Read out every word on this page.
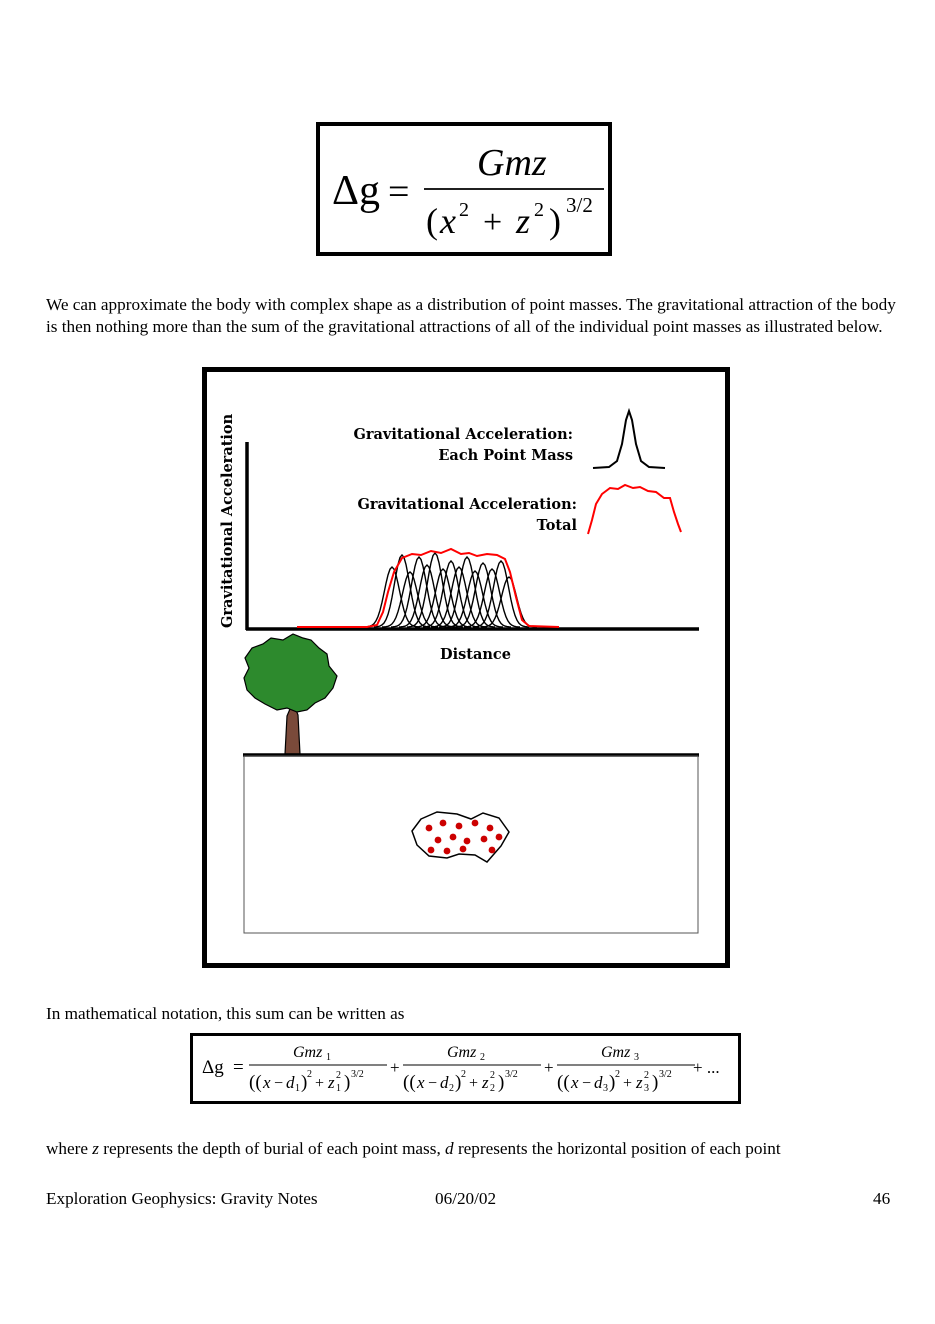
Δg =
Gmz
( x 2 + z 2 ) 3/2
We can approximate the body with complex shape as a distribution of point masses. The gravitational attraction of the body is then nothing more than the sum of the gravitational attractions of all of the individual point masses as illustrated below.
Gravitational Acceleration
Distance
Gravitational Acceleration:
Each Point Mass
Gravitational Acceleration:
Total
In mathematical notation, this sum can be written as
Δg =
Gmz 1
(( x − d 1 ) 2
+ z 2
1 ) 3/2 +
Gmz 2
(( x − d 2 ) 2
+ z 2
2 ) 3/2 +
Gmz 3
(( x − d 3 ) 2
+ z 2
3 ) 3/2 + ...
where z represents the depth of burial of each point mass, d represents the horizontal position of each point
Exploration Geophysics: Gravity Notes	06/20/02	46
